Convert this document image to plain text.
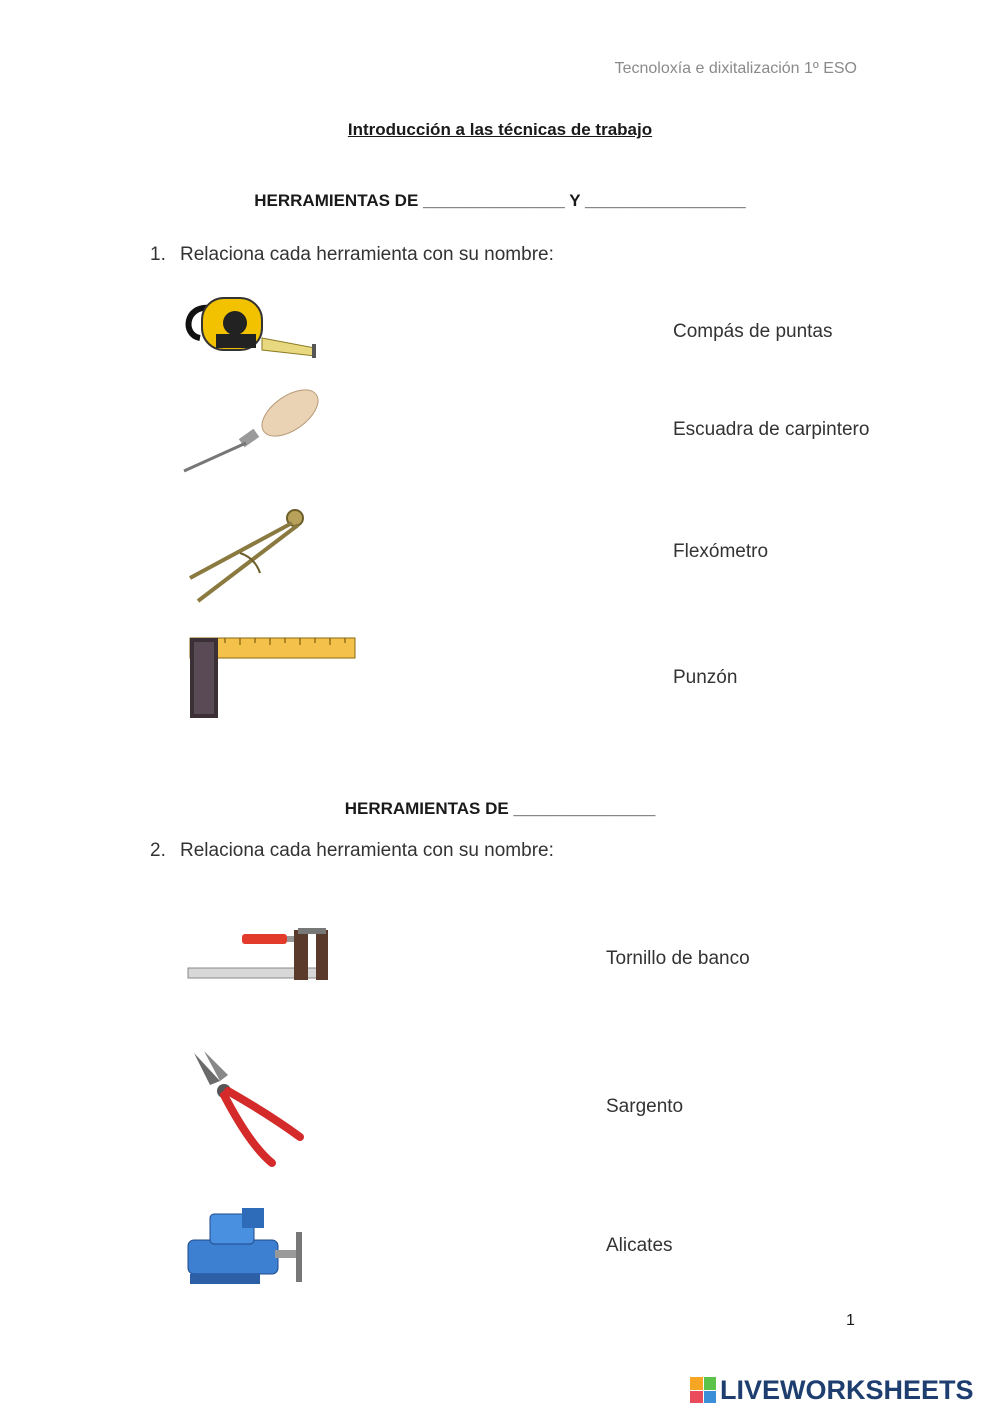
Tecnoloxía e dixitalización 1º ESO
Introducción a las técnicas de trabajo
HERRAMIENTAS DE _______________ Y _________________
1. Relaciona cada herramienta con su nombre:
Compás de puntas
Escuadra de carpintero
Flexómetro
Punzón
HERRAMIENTAS DE _______________
2. Relaciona cada herramienta con su nombre:
Tornillo de banco
Sargento
Alicates
1
LIVEWORKSHEETS
